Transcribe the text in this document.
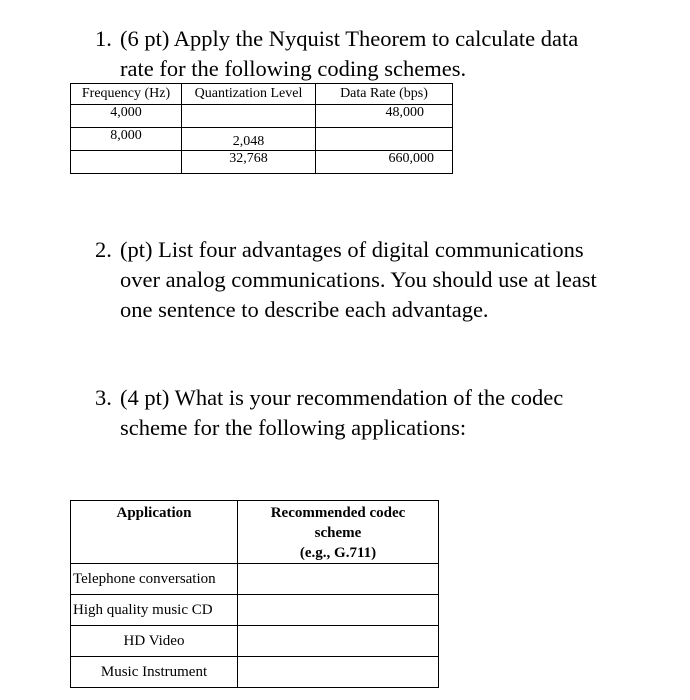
1. (6 pt) Apply the Nyquist Theorem to calculate data
rate for the following coding schemes.
Frequency (Hz)	Quantization Level	Data Rate (bps)
4,000		48,000
8,000	2,048	
	32,768	660,000
2. (pt) List four advantages of digital communications
over analog communications. You should use at least
one sentence to describe each advantage.
3. (4 pt) What is your recommendation of the codec
scheme for the following applications:
Application	Recommended codec
scheme
(e.g., G.711)

Telephone conversation	
High quality music CD	
HD Video	
Music Instrument	
